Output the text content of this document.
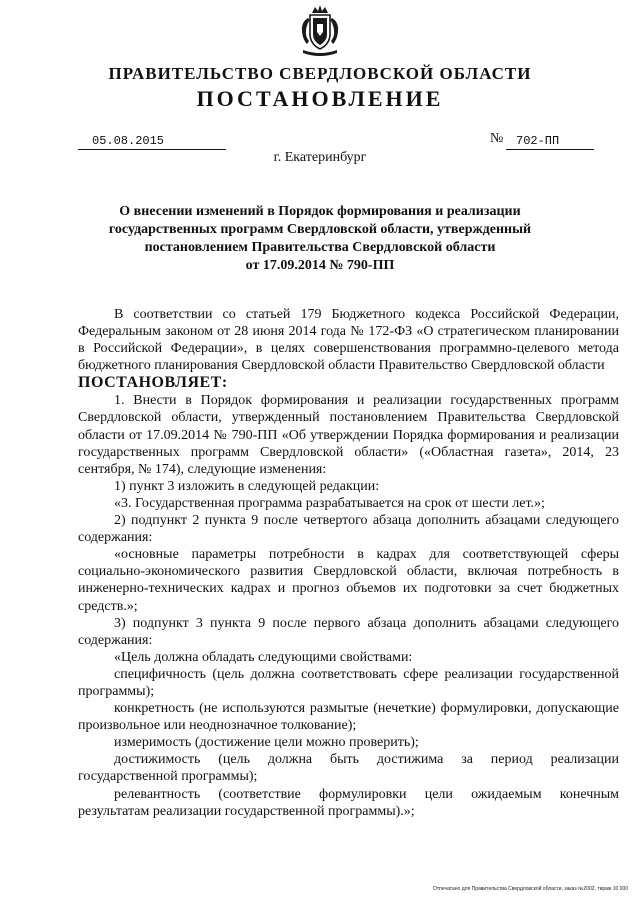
ПРАВИТЕЛЬСТВО СВЕРДЛОВСКОЙ ОБЛАСТИ
ПОСТАНОВЛЕНИЕ
05.08.2015	№	702-ПП
г. Екатеринбург
О внесении изменений в Порядок формирования и реализации
государственных программ Свердловской области, утвержденный
постановлением Правительства Свердловской области
от 17.09.2014 № 790-ПП

В соответствии со статьей 179 Бюджетного кодекса Российской Федерации, Федеральным законом от 28 июня 2014 года № 172-ФЗ «О стратегическом планировании в Российской Федерации», в целях совершенствования программно-целевого метода бюджетного планирования Свердловской области Правительство Свердловской области

ПОСТАНОВЛЯЕТ:

1. Внести в Порядок формирования и реализации государственных программ Свердловской области, утвержденный постановлением Правительства Свердловской области от 17.09.2014 № 790-ПП «Об утверждении Порядка формирования и реализации государственных программ Свердловской области» («Областная газета», 2014, 23 сентября, № 174), следующие изменения:

1) пункт 3 изложить в следующей редакции:

«3. Государственная программа разрабатывается на срок от шести лет.»;

2) подпункт 2 пункта 9 после четвертого абзаца дополнить абзацами следующего содержания:

«основные параметры потребности в кадрах для соответствующей сферы социально-экономического развития Свердловской области, включая потребность в инженерно-технических кадрах и прогноз объемов их подготовки за счет бюджетных средств.»;

3) подпункт 3 пункта 9 после первого абзаца дополнить абзацами следующего содержания:

«Цель должна обладать следующими свойствами:

специфичность (цель должна соответствовать сфере реализации государственной программы);

конкретность (не используются размытые (нечеткие) формулировки, допускающие произвольное или неоднозначное толкование);

измеримость (достижение цели можно проверить);

достижимость (цель должна быть достижима за период реализации государственной программы);

релевантность (соответствие формулировки цели ожидаемым конечным результатам реализации государственной программы).»;

Отпечатано для Правительства Свердловской области, заказ №2002, тираж 10 000
